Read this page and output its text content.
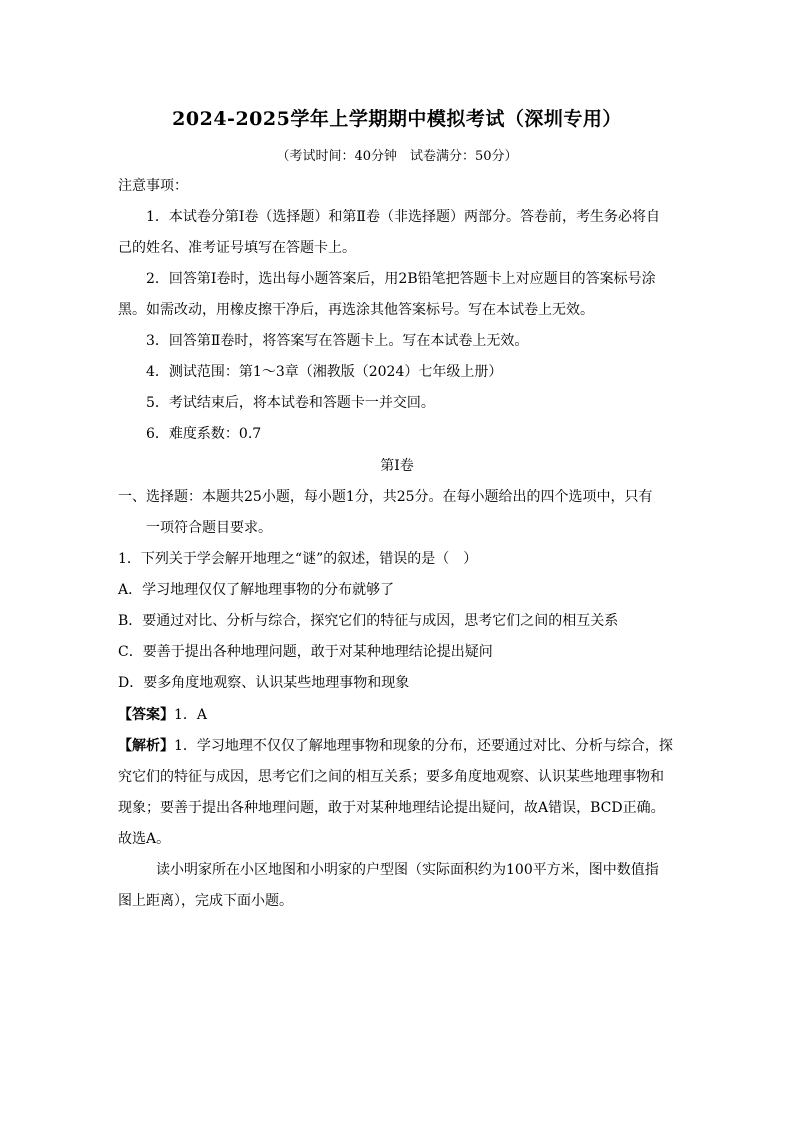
2024-2025学年上学期期中模拟考试（深圳专用）
（考试时间：40分钟　试卷满分：50分）
注意事项：
1．本试卷分第Ⅰ卷（选择题）和第Ⅱ卷（非选择题）两部分。答卷前，考生务必将自
己的姓名、准考证号填写在答题卡上。
2．回答第Ⅰ卷时，选出每小题答案后，用2B铅笔把答题卡上对应题目的答案标号涂
黑。如需改动，用橡皮擦干净后，再选涂其他答案标号。写在本试卷上无效。
3．回答第Ⅱ卷时，将答案写在答题卡上。写在本试卷上无效。
4．测试范围：第1～3章（湘教版（2024）七年级上册）
5．考试结束后，将本试卷和答题卡一并交回。
6．难度系数：0.7
第Ⅰ卷
一、选择题：本题共25小题，每小题1分，共25分。在每小题给出的四个选项中，只有
一项符合题目要求。
1．下列关于学会解开地理之“谜”的叙述，错误的是（　）
A．学习地理仅仅了解地理事物的分布就够了
B．要通过对比、分析与综合，探究它们的特征与成因，思考它们之间的相互关系
C．要善于提出各种地理问题，敢于对某种地理结论提出疑问
D．要多角度地观察、认识某些地理事物和现象
【答案】1．A
【解析】1．学习地理不仅仅了解地理事物和现象的分布，还要通过对比、分析与综合，探
究它们的特征与成因，思考它们之间的相互关系；要多角度地观察、认识某些地理事物和
现象；要善于提出各种地理问题，敢于对某种地理结论提出疑问，故A错误，BCD正确。
故选A。
读小明家所在小区地图和小明家的户型图（实际面积约为100平方米，图中数值指
图上距离），完成下面小题。
